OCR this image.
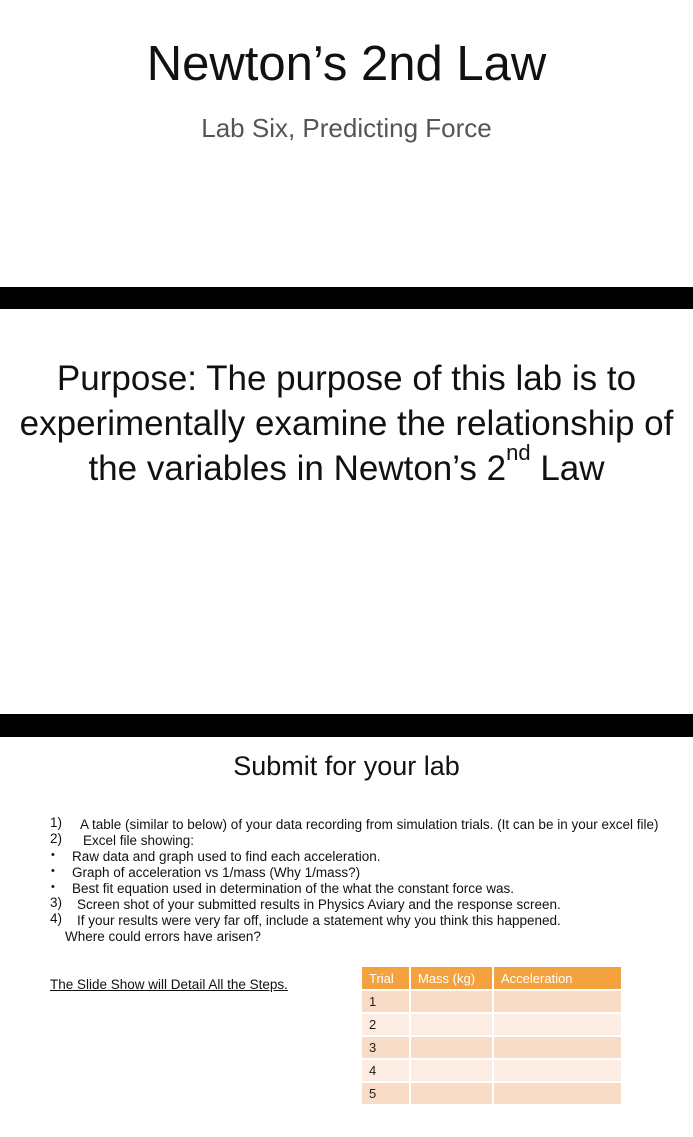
Newton’s 2nd Law
Lab Six, Predicting Force
Purpose: The purpose of this lab is to experimentally examine the relationship of the variables in Newton’s 2nd Law
Submit for your lab
1) A table (similar to below) of your data recording from simulation trials. (It can be in your excel file)
2) Excel file showing:
• Raw data and graph used to find each acceleration.
• Graph of acceleration vs 1/mass (Why 1/mass?)
• Best fit equation used in determination of the what the constant force was.
3) Screen shot of your submitted results in Physics Aviary and the response screen.
4) If your results were very far off, include a statement why you think this happened.
Where could errors have arisen?
The Slide Show will Detail All the Steps.	Trial	Mass (kg)	Acceleration
1		
2		
3		
4		
5		
